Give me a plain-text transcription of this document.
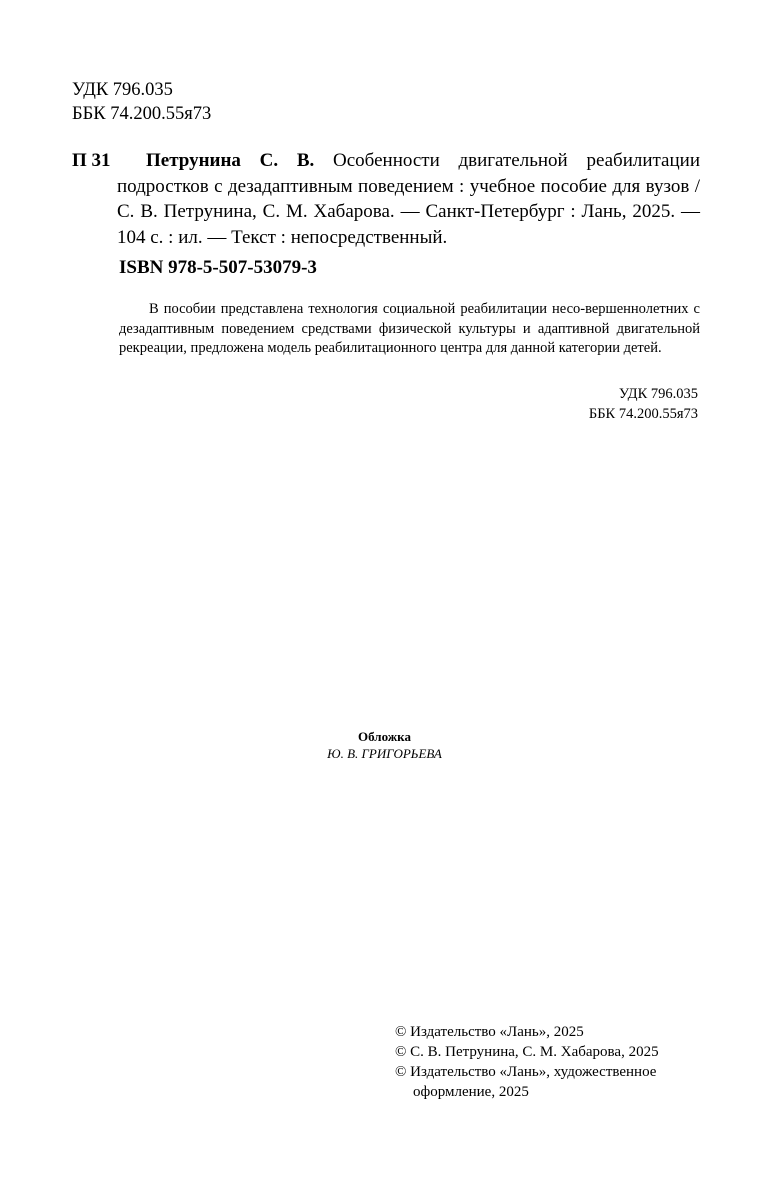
УДК 796.035
ББК 74.200.55я73
П 31	Петрунина С. В. Особенности двигательной реабилитации подростков с дезадаптивным поведением : учебное пособие для вузов / С. В. Петрунина, С. М. Хабарова. — Санкт-Петербург : Лань, 2025. — 104 с. : ил. — Текст : непосредственный.
ISBN 978-5-507-53079-3
В пособии представлена технология социальной реабилитации несо-вершеннолетних с дезадаптивным поведением средствами физической культуры и адаптивной двигательной рекреации, предложена модель реабилитационного центра для данной категории детей.
УДК 796.035
ББК 74.200.55я73
Обложка
Ю. В. ГРИГОРЬЕВА
© Издательство «Лань», 2025
© С. В. Петрунина, С. М. Хабарова, 2025
© Издательство «Лань», художественное оформление, 2025
